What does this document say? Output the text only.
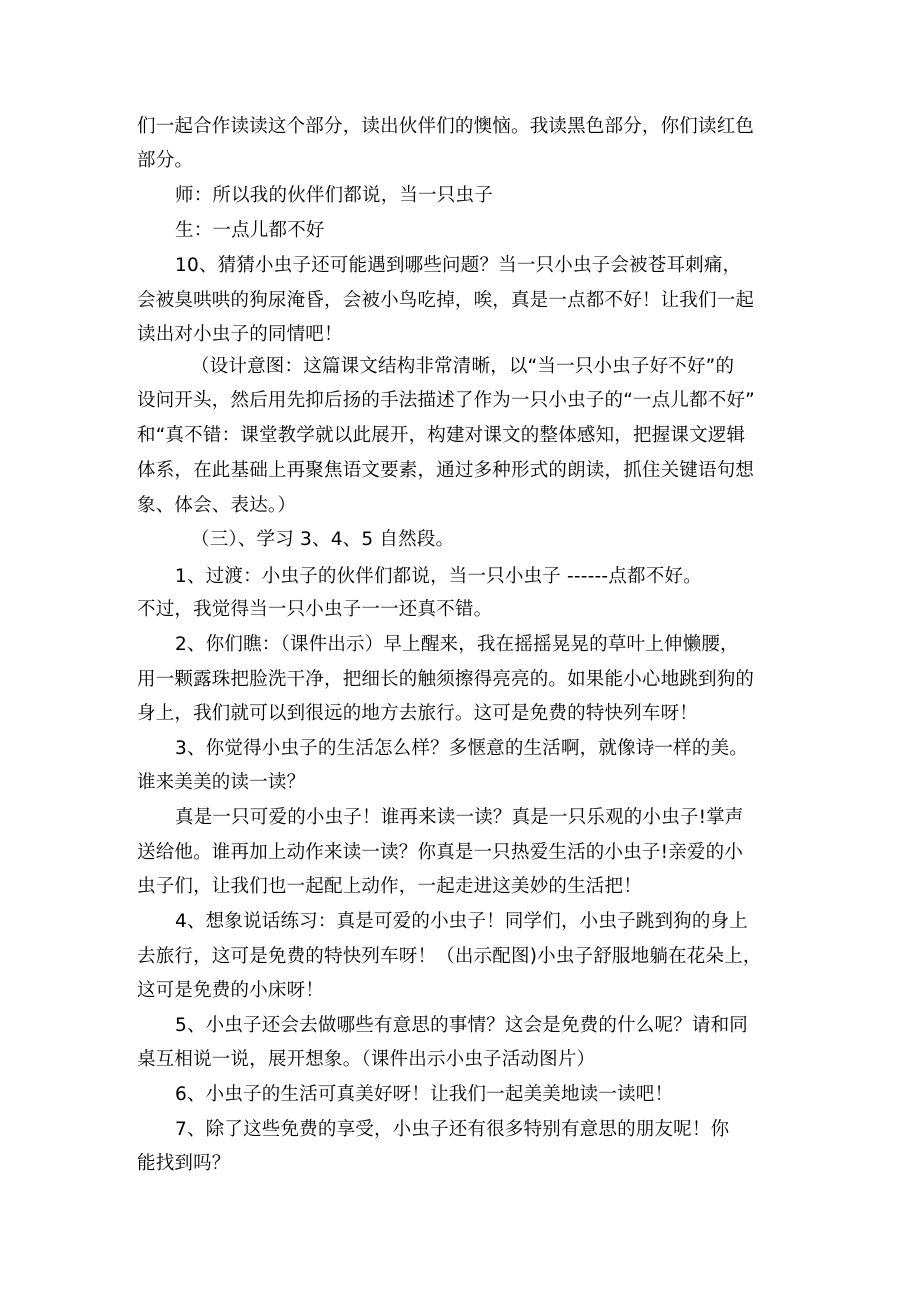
们一起合作读读这个部分，读出伙伴们的懊恼。我读黑色部分，你们读红色
部分。
师：所以我的伙伴们都说，当一只虫子
生：一点儿都不好
10、猜猜小虫子还可能遇到哪些问题？当一只小虫子会被苍耳刺痛，
会被臭哄哄的狗尿淹昏，会被小鸟吃掉，唉，真是一点都不好！让我们一起
读出对小虫子的同情吧！
（设计意图：这篇课文结构非常清晰，以“当一只小虫子好不好”的
设问开头，然后用先抑后扬的手法描述了作为一只小虫子的“一点儿都不好”
和“真不错：课堂教学就以此展开，构建对课文的整体感知，把握课文逻辑
体系，在此基础上再聚焦语文要素，通过多种形式的朗读，抓住关键语句想
象、体会、表达。）
（三）、学习 3、4、5 自然段。
1、过渡：小虫子的伙伴们都说，当一只小虫子 ------点都不好。
不过，我觉得当一只小虫子一一还真不错。
2、你们瞧：（课件出示）早上醒来，我在摇摇晃晃的草叶上伸懒腰，
用一颗露珠把脸洗干净，把细长的触须擦得亮亮的。如果能小心地跳到狗的
身上，我们就可以到很远的地方去旅行。这可是免费的特快列车呀！
3、你觉得小虫子的生活怎么样？多惬意的生活啊，就像诗一样的美。
谁来美美的读一读？
真是一只可爱的小虫子！谁再来读一读？真是一只乐观的小虫子!掌声
送给他。谁再加上动作来读一读？你真是一只热爱生活的小虫子!亲爱的小
虫子们，让我们也一起配上动作，一起走进这美妙的生活把！
4、想象说话练习：真是可爱的小虫子！同学们，小虫子跳到狗的身上
去旅行，这可是免费的特快列车呀！（出示配图)小虫子舒服地躺在花朵上，
这可是免费的小床呀！
5、小虫子还会去做哪些有意思的事情？这会是免费的什么呢？请和同
桌互相说一说，展开想象。（课件出示小虫子活动图片）
6、小虫子的生活可真美好呀！让我们一起美美地读一读吧！
7、除了这些免费的享受，小虫子还有很多特别有意思的朋友呢！你
能找到吗？
